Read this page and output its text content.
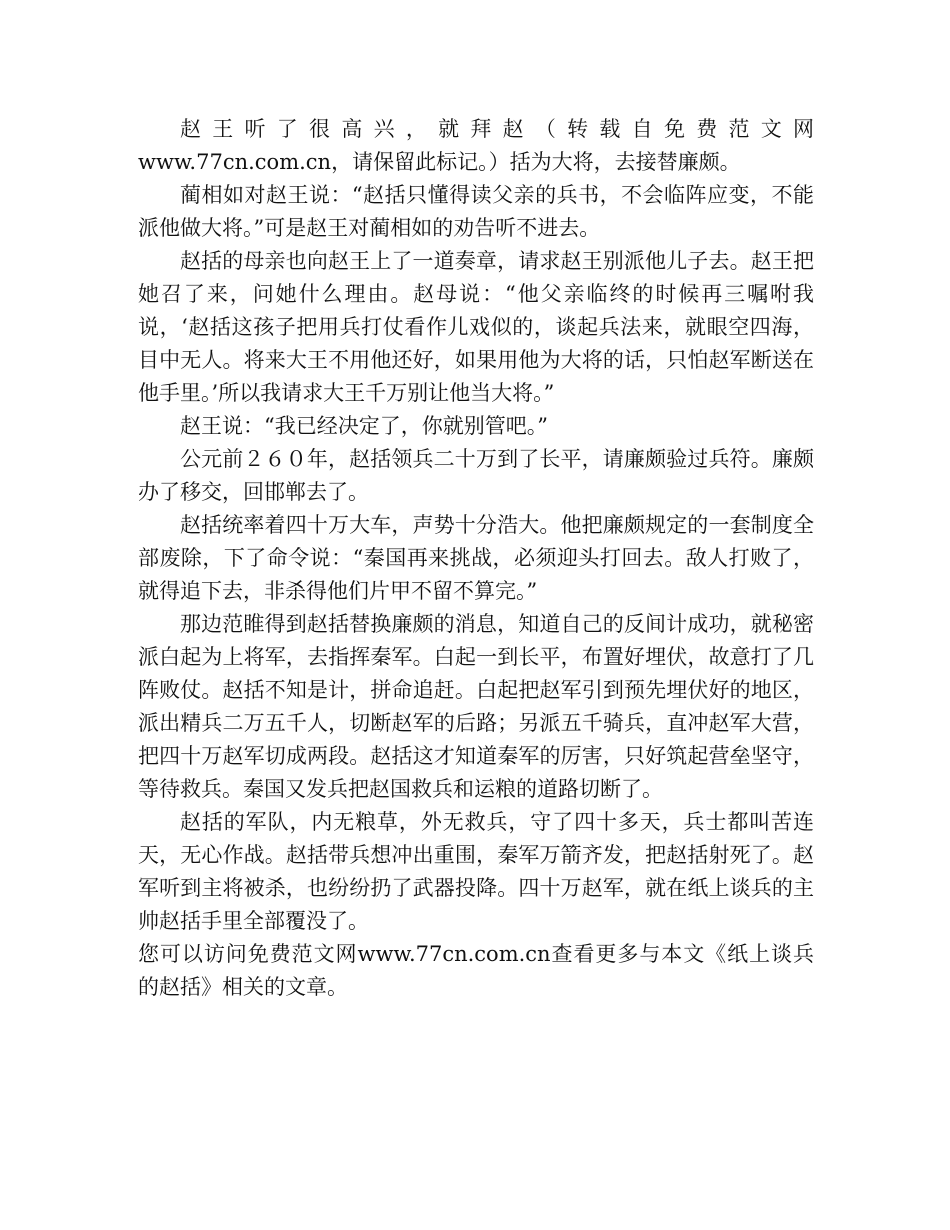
赵王听了很高兴，就拜赵（转载自免费范文网www.77cn.com.cn，请保留此标记。）括为大将，去接替廉颇。

蔺相如对赵王说：“赵括只懂得读父亲的兵书，不会临阵应变，不能派他做大将。”可是赵王对蔺相如的劝告听不进去。

赵括的母亲也向赵王上了一道奏章，请求赵王别派他儿子去。赵王把她召了来，问她什么理由。赵母说：“他父亲临终的时候再三嘱咐我说，‘赵括这孩子把用兵打仗看作儿戏似的，谈起兵法来，就眼空四海，目中无人。将来大王不用他还好，如果用他为大将的话，只怕赵军断送在他手里。’所以我请求大王千万别让他当大将。”

赵王说：“我已经决定了，你就别管吧。”

公元前２６０年，赵括领兵二十万到了长平，请廉颇验过兵符。廉颇办了移交，回邯郸去了。

赵括统率着四十万大车，声势十分浩大。他把廉颇规定的一套制度全部废除，下了命令说：“秦国再来挑战，必须迎头打回去。敌人打败了，就得追下去，非杀得他们片甲不留不算完。”

那边范睢得到赵括替换廉颇的消息，知道自己的反间计成功，就秘密派白起为上将军，去指挥秦军。白起一到长平，布置好埋伏，故意打了几阵败仗。赵括不知是计，拼命追赶。白起把赵军引到预先埋伏好的地区，派出精兵二万五千人，切断赵军的后路；另派五千骑兵，直冲赵军大营，把四十万赵军切成两段。赵括这才知道秦军的厉害，只好筑起营垒坚守，等待救兵。秦国又发兵把赵国救兵和运粮的道路切断了。

赵括的军队，内无粮草，外无救兵，守了四十多天，兵士都叫苦连天，无心作战。赵括带兵想冲出重围，秦军万箭齐发，把赵括射死了。赵军听到主将被杀，也纷纷扔了武器投降。四十万赵军，就在纸上谈兵的主帅赵括手里全部覆没了。

您可以访问免费范文网www.77cn.com.cn查看更多与本文《纸上谈兵的赵括》相关的文章。
